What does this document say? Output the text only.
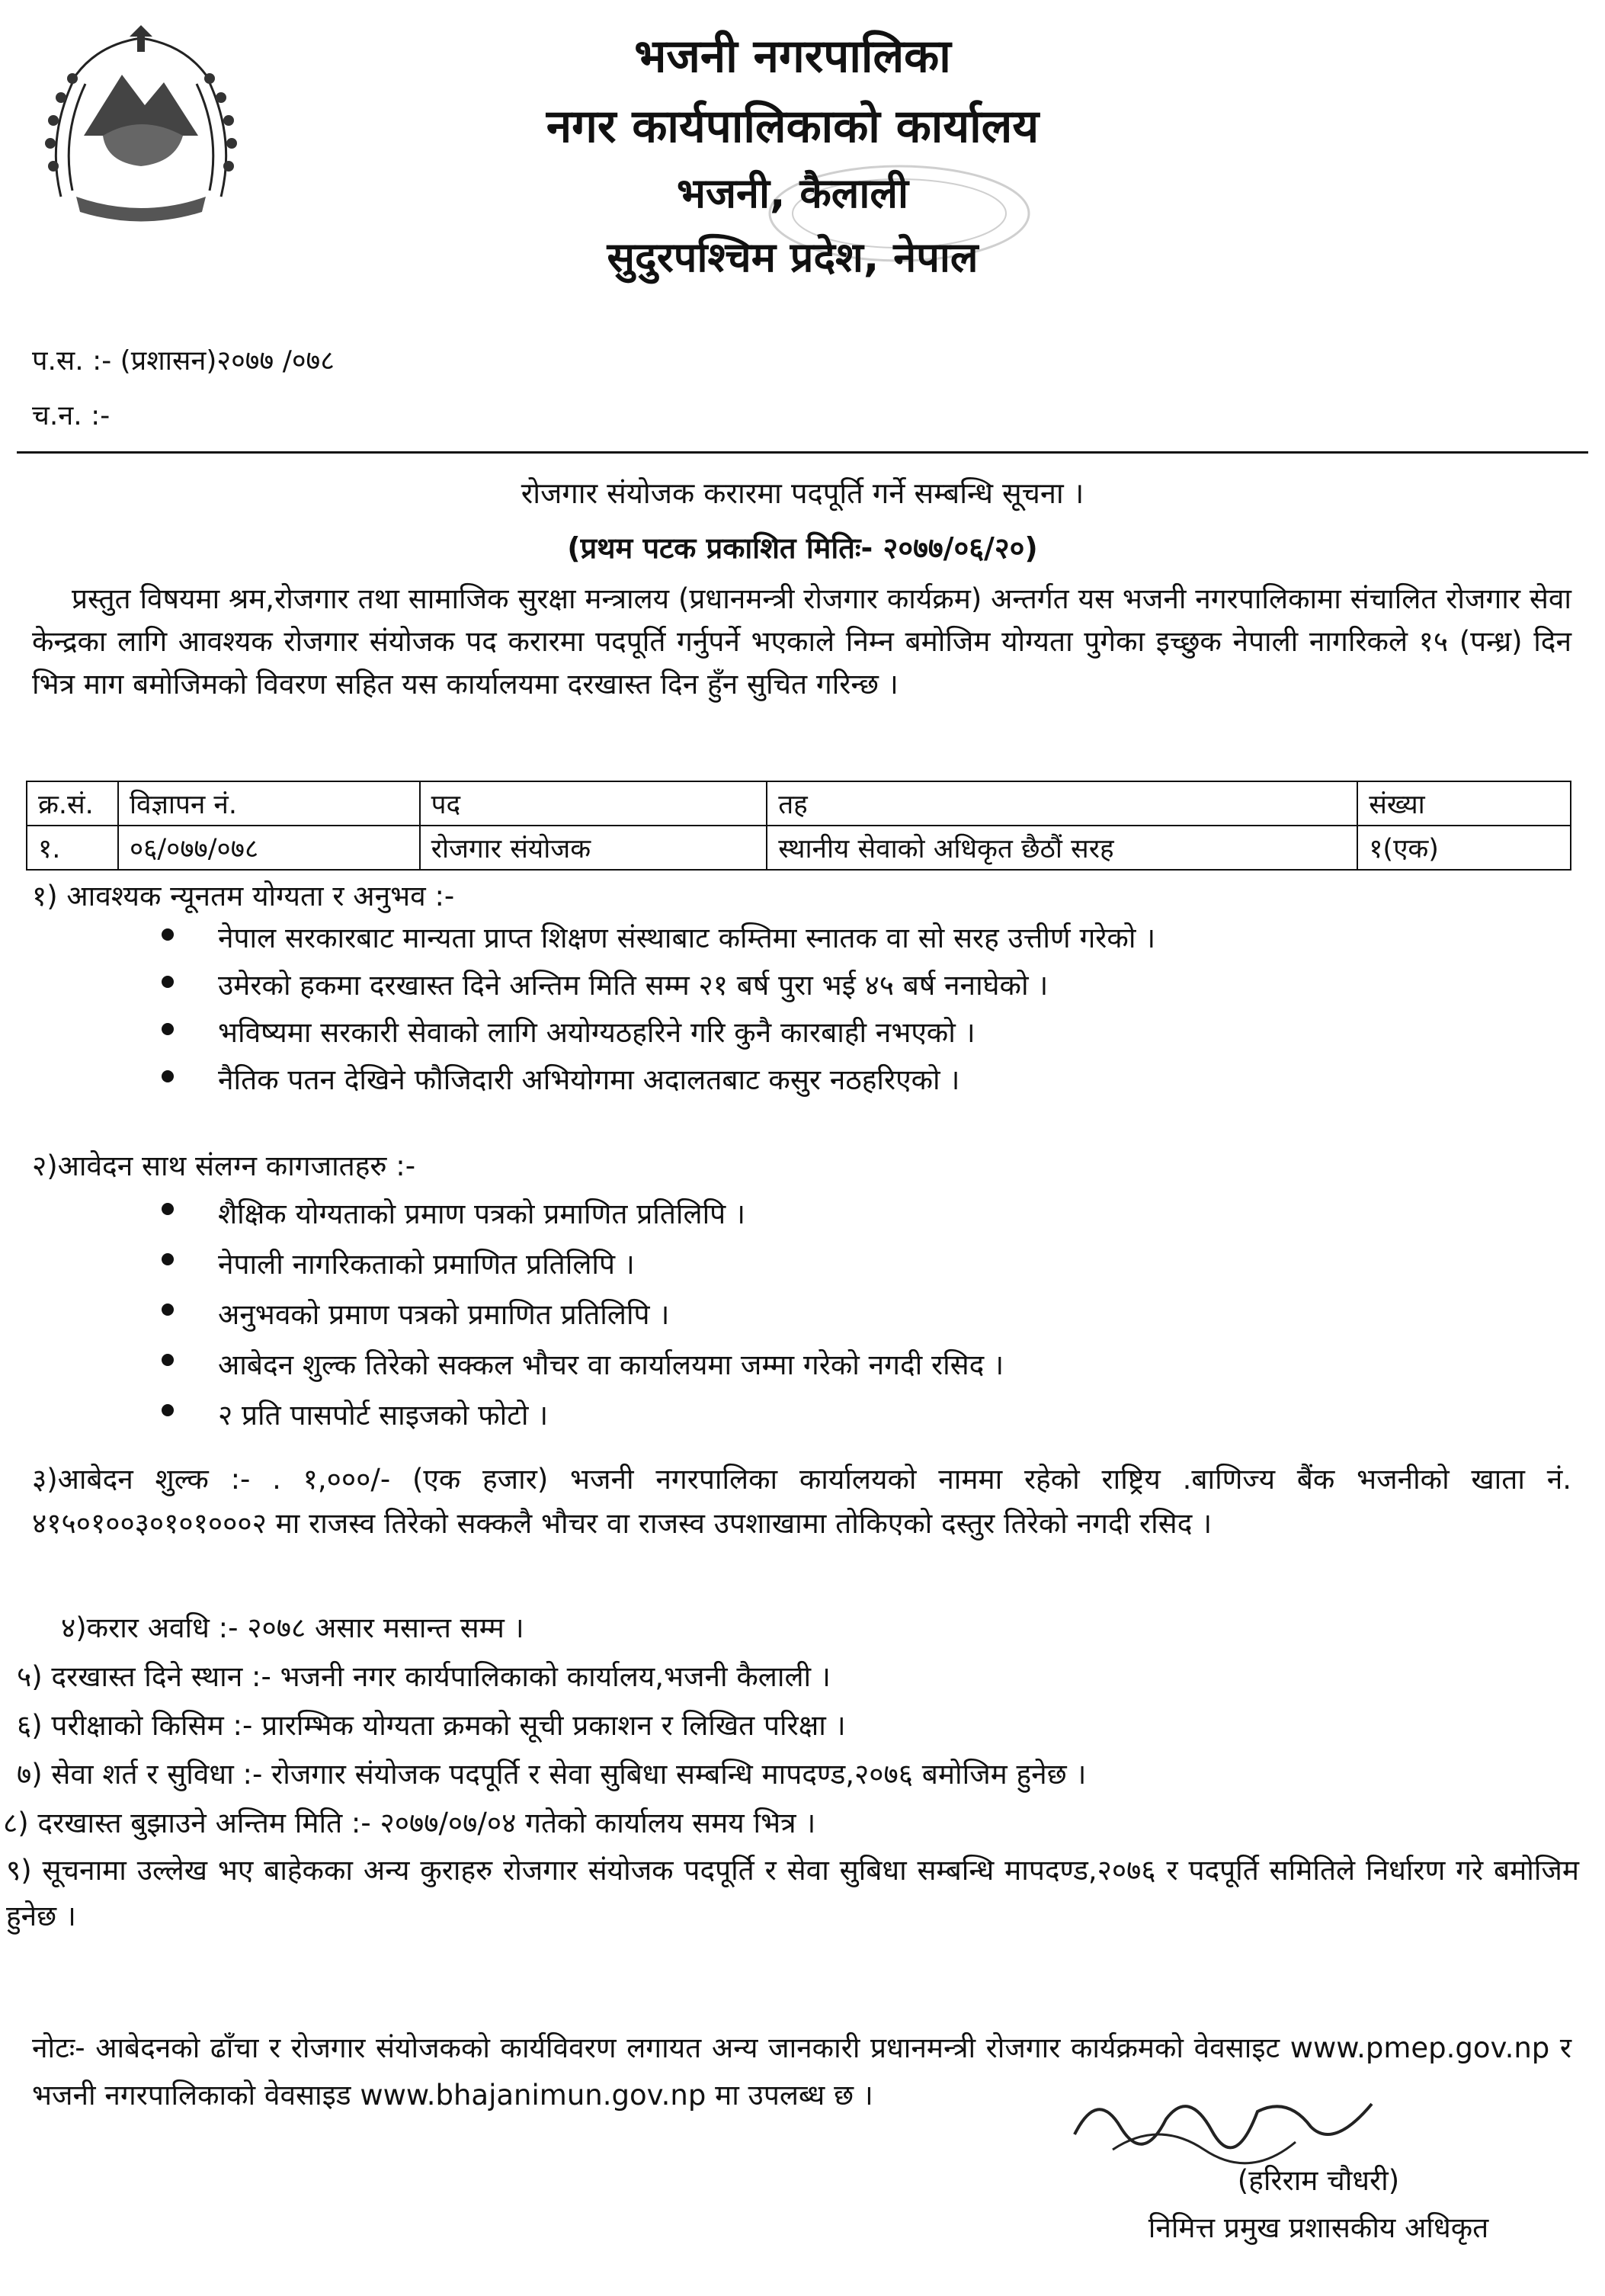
भजनी नगरपालिका
नगर कार्यपालिकाको कार्यालय
भजनी, कैलाली
सुदुरपश्चिम प्रदेश, नेपाल
प.स. :- (प्रशासन)२०७७ /०७८
च.न. :-
रोजगार संयोजक करारमा पदपूर्ति गर्ने सम्बन्धि सूचना ।
(प्रथम पटक प्रकाशित मितिः- २०७७/०६/२०)
प्रस्तुत विषयमा श्रम,रोजगार तथा सामाजिक सुरक्षा मन्त्रालय (प्रधानमन्त्री रोजगार कार्यक्रम) अन्तर्गत यस भजनी नगरपालिकामा संचालित रोजगार सेवा केन्द्रका लागि आवश्यक रोजगार संयोजक पद करारमा पदपूर्ति गर्नुपर्ने भएकाले निम्न बमोजिम योग्यता पुगेका इच्छुक नेपाली नागरिकले १५ (पन्ध्र) दिन भित्र माग बमोजिमको विवरण सहित यस कार्यालयमा दरखास्त दिन हुँन सुचित गरिन्छ ।
क्र.सं.	विज्ञापन नं.	पद	तह	संख्या
१.	०६/०७७/०७८	रोजगार संयोजक	स्थानीय सेवाको अधिकृत छैठौं सरह	१(एक)
१) आवश्यक न्यूनतम योग्यता र अनुभव :-
नेपाल सरकारबाट मान्यता प्राप्त शिक्षण संस्थाबाट कम्तिमा स्नातक वा सो सरह उत्तीर्ण गरेको ।
उमेरको हकमा दरखास्त दिने अन्तिम मिति सम्म २१ बर्ष पुरा भई ४५ बर्ष ननाघेको ।
भविष्यमा सरकारी सेवाको लागि अयोग्यठहरिने गरि कुनै कारबाही नभएको ।
नैतिक पतन देखिने फौजिदारी अभियोगमा अदालतबाट कसुर नठहरिएको ।
२)आवेदन साथ संलग्न कागजातहरु :-
शैक्षिक योग्यताको प्रमाण पत्रको प्रमाणित प्रतिलिपि ।
नेपाली नागरिकताको प्रमाणित प्रतिलिपि ।
अनुभवको प्रमाण पत्रको प्रमाणित प्रतिलिपि ।
आबेदन शुल्क तिरेको सक्कल भौचर वा कार्यालयमा जम्मा गरेको नगदी रसिद ।
२ प्रति पासपोर्ट साइजको फोटो ।
३)आबेदन शुल्क :- . १,०००/- (एक हजार) भजनी नगरपालिका कार्यालयको नाममा रहेको राष्ट्रिय .बाणिज्य बैंक भजनीको खाता नं. ४१५०१००३०१०१०००२ मा राजस्व तिरेको सक्कलै भौचर वा राजस्व उपशाखामा तोकिएको दस्तुर तिरेको नगदी रसिद ।
४)करार अवधि :- २०७८ असार मसान्त सम्म ।
५) दरखास्त दिने स्थान :- भजनी नगर कार्यपालिकाको कार्यालय,भजनी कैलाली ।
६) परीक्षाको किसिम :- प्रारम्भिक योग्यता क्रमको सूची प्रकाशन र लिखित परिक्षा ।
७) सेवा शर्त र सुविधा :- रोजगार संयोजक पदपूर्ति र सेवा सुबिधा सम्बन्धि मापदण्ड,२०७६ बमोजिम हुनेछ ।
८) दरखास्त बुझाउने अन्तिम मिति :- २०७७/०७/०४ गतेको कार्यालय समय भित्र ।
९) सूचनामा उल्लेख भए बाहेकका अन्य कुराहरु रोजगार संयोजक पदपूर्ति र सेवा सुबिधा सम्बन्धि मापदण्ड,२०७६ र पदपूर्ति समितिले निर्धारण गरे बमोजिम हुनेछ ।
नोटः- आबेदनको ढाँचा र रोजगार संयोजकको कार्यविवरण लगायत अन्य जानकारी प्रधानमन्त्री रोजगार कार्यक्रमको वेवसाइट www.pmep.gov.np र भजनी नगरपालिकाको वेवसाइड www.bhajanimun.gov.np मा उपलब्ध छ ।
(हरिराम चौधरी)
निमित्त प्रमुख प्रशासकीय अधिकृत
